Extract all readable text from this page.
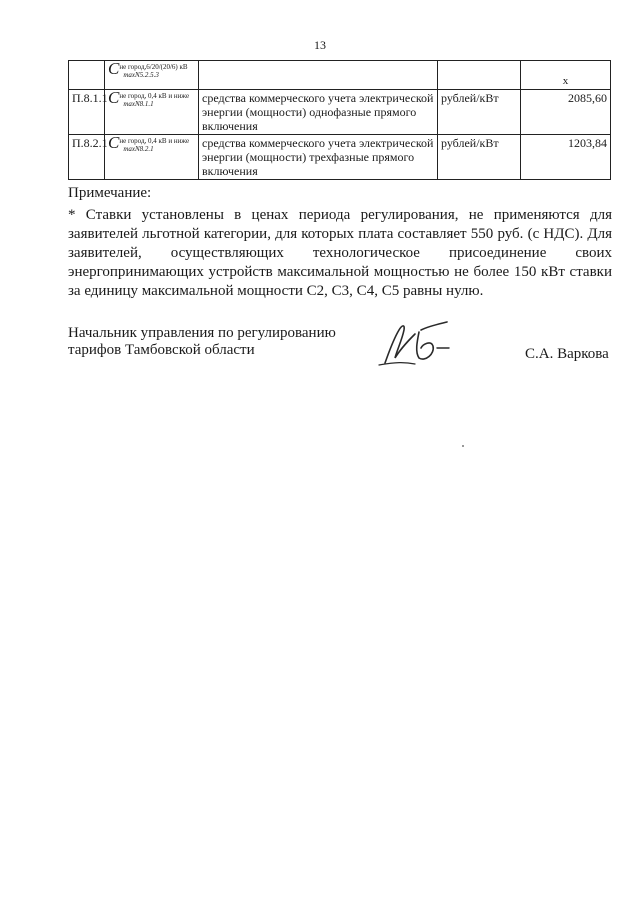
13

	C не город,6/20/(20/6) кВ
maxN5.2.5.3			х
П.8.1.1	C не город, 0,4 кВ и ниже
maxN8.1.1	средства коммерческого учета электрической энергии (мощности) однофазные прямого включения	рублей/кВт	2085,60
П.8.2.1	C не город, 0,4 кВ и ниже
maxN8.2.1	средства коммерческого учета электрической энергии (мощности) трехфазные прямого включения	рублей/кВт	1203,84
Примечание:
* Ставки установлены в ценах периода регулирования, не применяются для заявителей льготной категории, для которых плата составляет 550 руб. (с НДС). Для заявителей, осуществляющих технологическое присоединение своих энергопринимающих устройств максимальной мощностью не более 150 кВт ставки за единицу максимальной мощности С2, С3, С4, С5 равны нулю.
Начальник управления по регулированию
тарифов Тамбовской области	С.А. Варкова
